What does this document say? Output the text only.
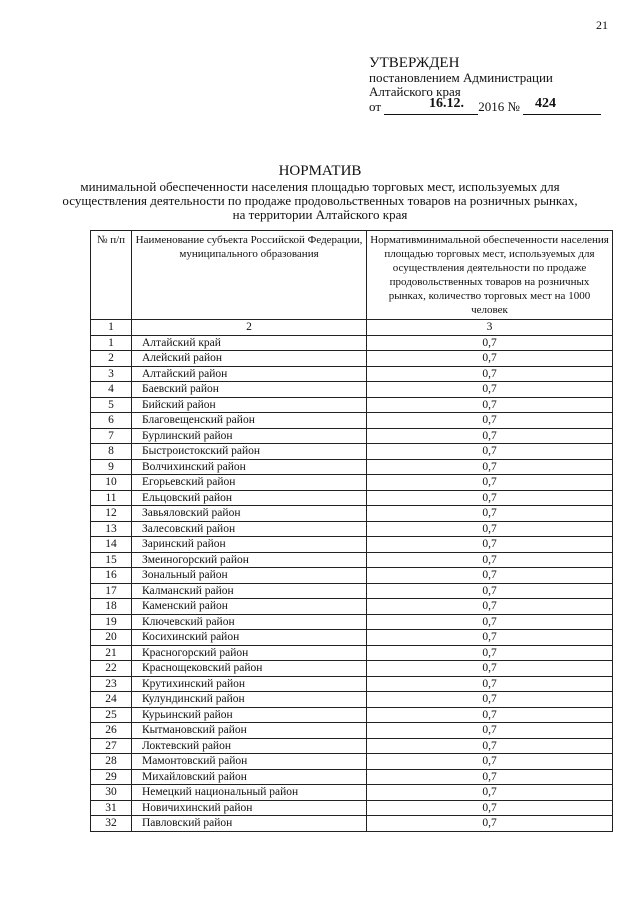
21
УТВЕРЖДЕН
постановлением Администрации
Алтайского края
от	2016 №
16.12.	424
НОРМАТИВ
минимальной обеспеченности населения площадью торговых мест, используемых для осуществления деятельности по продаже продовольственных товаров на розничных рынках, на территории Алтайского края
№ п/п	Наименование субъекта Российской Федерации, муниципального образования	Нормативминимальной обеспеченности населения площадью торговых мест, используемых для осуществления деятельности по продаже продовольственных товаров на розничных рынках, количество торговых мест на 1000 человек
1	2	3
1	Алтайский край	0,7
2	Алейский район	0,7
3	Алтайский район	0,7
4	Баевский район	0,7
5	Бийский район	0,7
6	Благовещенский район	0,7
7	Бурлинский район	0,7
8	Быстроистокский район	0,7
9	Волчихинский район	0,7
10	Егорьевский район	0,7
11	Ельцовский район	0,7
12	Завьяловский район	0,7
13	Залесовский район	0,7
14	Заринский район	0,7
15	Змеиногорский район	0,7
16	Зональный район	0,7
17	Калманский район	0,7
18	Каменский район	0,7
19	Ключевский район	0,7
20	Косихинский район	0,7
21	Красногорский район	0,7
22	Краснощековский район	0,7
23	Крутихинский район	0,7
24	Кулундинский район	0,7
25	Курьинский район	0,7
26	Кытмановский район	0,7
27	Локтевский район	0,7
28	Мамонтовский район	0,7
29	Михайловский район	0,7
30	Немецкий национальный район	0,7
31	Новичихинский район	0,7
32	Павловский район	0,7
